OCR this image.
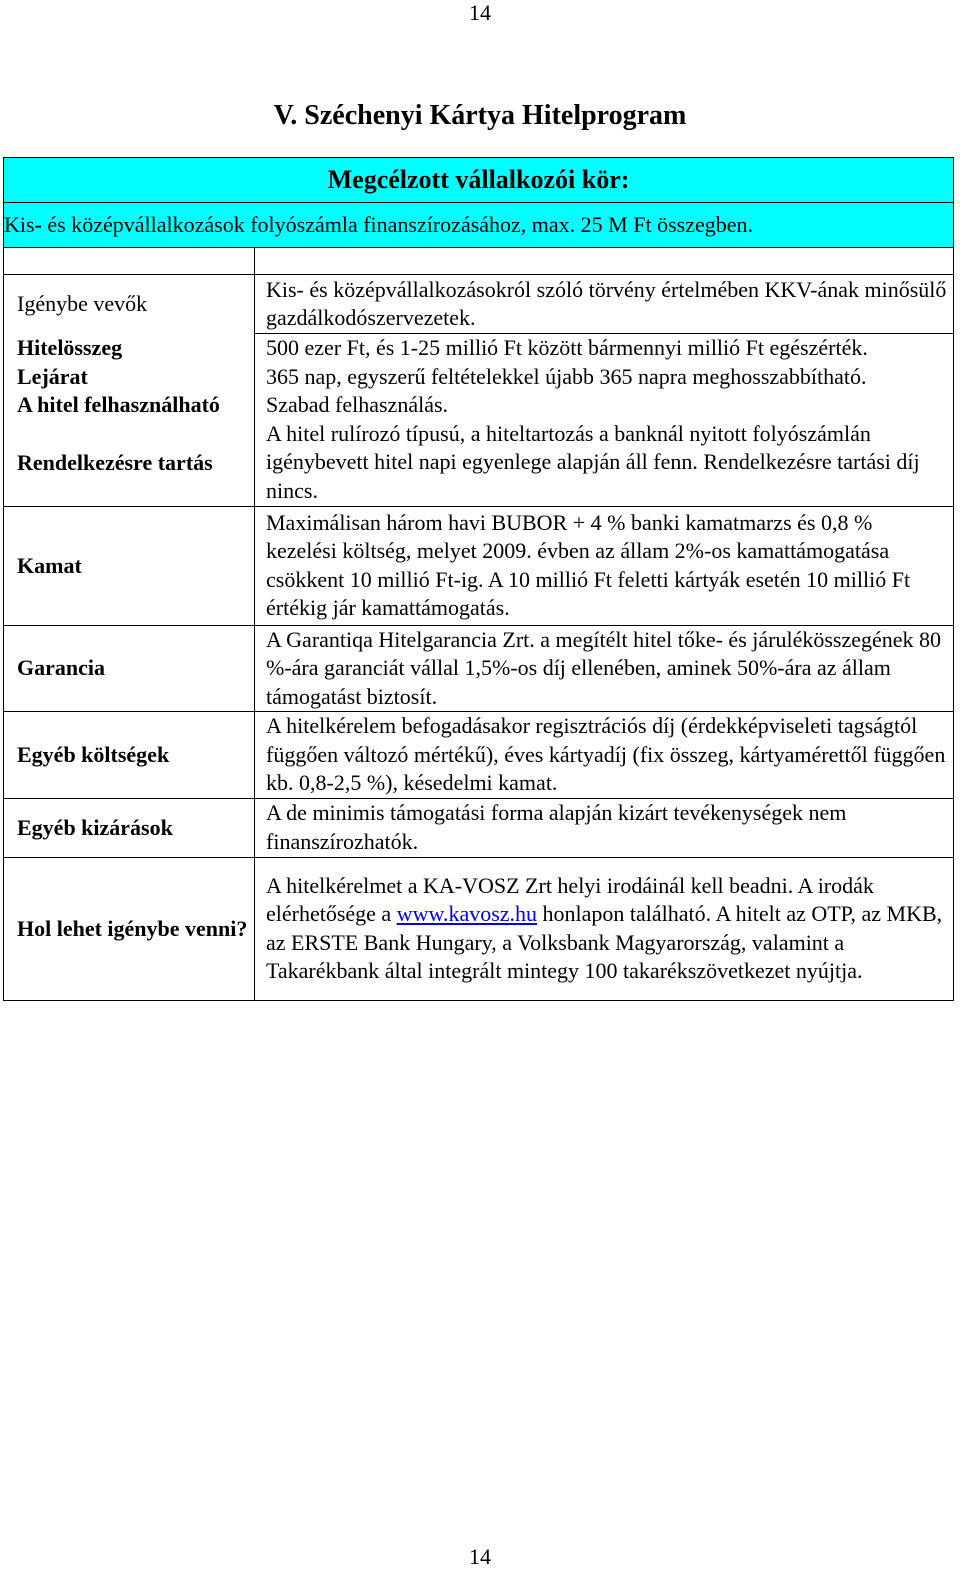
14
V. Széchenyi Kártya Hitelprogram
Megcélzott vállalkozói kör:	
Kis- és középvállalkozások folyószámla finanszírozásához, max. 25 M Ft összegben.	

Igénybe vevők	Kis- és középvállalkozásokról szóló törvény értelmében KKV-ának minősülő gazdálkodószervezetek.
Hitelösszeg	500 ezer Ft, és 1-25 millió Ft között bármennyi millió Ft egészérték.
Lejárat	365 nap, egyszerű feltételekkel újabb 365 napra meghosszabbítható.
A hitel felhasználható	Szabad felhasználás.
Rendelkezésre tartás	A hitel rulírozó típusú, a hiteltartozás a banknál nyitott folyószámlán igénybevett hitel napi egyenlege alapján áll fenn. Rendelkezésre tartási díj nincs.
Kamat	Maximálisan három havi BUBOR + 4 % banki kamatmarzs és 0,8 % kezelési költség, melyet 2009. évben az állam 2%-os kamattámogatása csökkent 10 millió Ft-ig. A 10 millió Ft feletti kártyák esetén 10 millió Ft értékig jár kamattámogatás.
Garancia	A Garantiqa Hitelgarancia Zrt. a megítélt hitel tőke- és járulékösszegének 80 %-ára garanciát vállal 1,5%-os díj ellenében, aminek 50%-ára az állam támogatást biztosít.
Egyéb költségek	A hitelkérelem befogadásakor regisztrációs díj (érdekképviseleti tagságtól függően változó mértékű), éves kártyadíj (fix összeg, kártyamérettől függően kb. 0,8-2,5 %), késedelmi kamat.
Egyéb kizárások	A de minimis támogatási forma alapján kizárt tevékenységek nem finanszírozhatók.
Hol lehet igénybe venni?	A hitelkérelmet a KA-VOSZ Zrt helyi irodáinál kell beadni. A irodák elérhetősége a www.kavosz.hu honlapon található. A hitelt az OTP, az MKB, az ERSTE Bank Hungary, a Volksbank Magyarország, valamint a Takarékbank által integrált mintegy 100 takarékszövetkezet nyújtja.
14
